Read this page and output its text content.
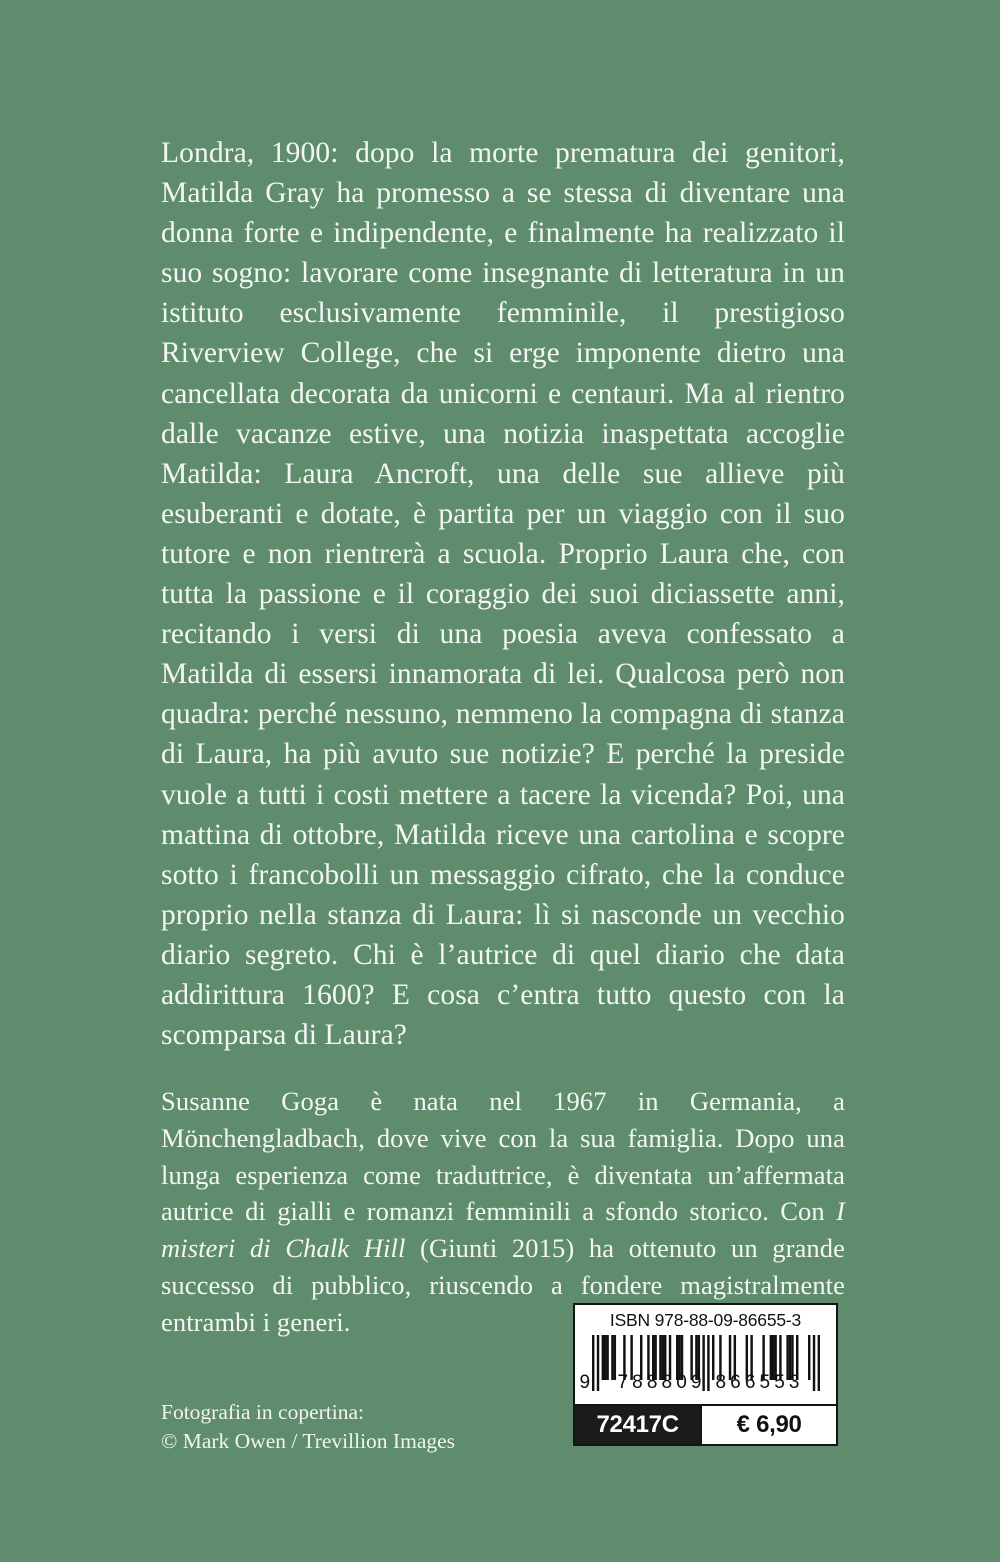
Londra, 1900: dopo la morte prematura dei genitori, Matilda Gray ha promesso a se stessa di diventare una donna forte e indipendente, e finalmente ha realizzato il suo sogno: lavorare come insegnante di letteratura in un istituto esclusivamente femminile, il prestigioso Riverview College, che si erge imponente dietro una cancellata decorata da unicorni e centauri. Ma al rientro dalle vacanze estive, una notizia inaspettata accoglie Matilda: Laura Ancroft, una delle sue allieve più esuberanti e dotate, è partita per un viaggio con il suo tutore e non rientrerà a scuola. Proprio Laura che, con tutta la passione e il coraggio dei suoi diciassette anni, recitando i versi di una poesia aveva confessato a Matilda di essersi innamorata di lei. Qualcosa però non quadra: perché nessuno, nemmeno la compagna di stanza di Laura, ha più avuto sue notizie? E perché la preside vuole a tutti i costi mettere a tacere la vicenda? Poi, una mattina di ottobre, Matilda riceve una cartolina e scopre sotto i francobolli un messaggio cifrato, che la conduce proprio nella stanza di Laura: lì si nasconde un vecchio diario segreto. Chi è l’autrice di quel diario che data addirittura 1600? E cosa c’entra tutto questo con la scomparsa di Laura?

Susanne Goga è nata nel 1967 in Germania, a Mönchengladbach, dove vive con la sua famiglia. Dopo una lunga esperienza come traduttrice, è diventata un’affermata autrice di gialli e romanzi femminili a sfondo storico. Con I misteri di Chalk Hill (Giunti 2015) ha ottenuto un grande successo di pubblico, riuscendo a fondere magistralmente entrambi i generi.

Fotografia in copertina:
© Mark Owen / Trevillion Images
ISBN 978-88-09-86655-3
9 7 8 8 8 0 9 8 6 6 5 5 3
72417C	€ 6,90
